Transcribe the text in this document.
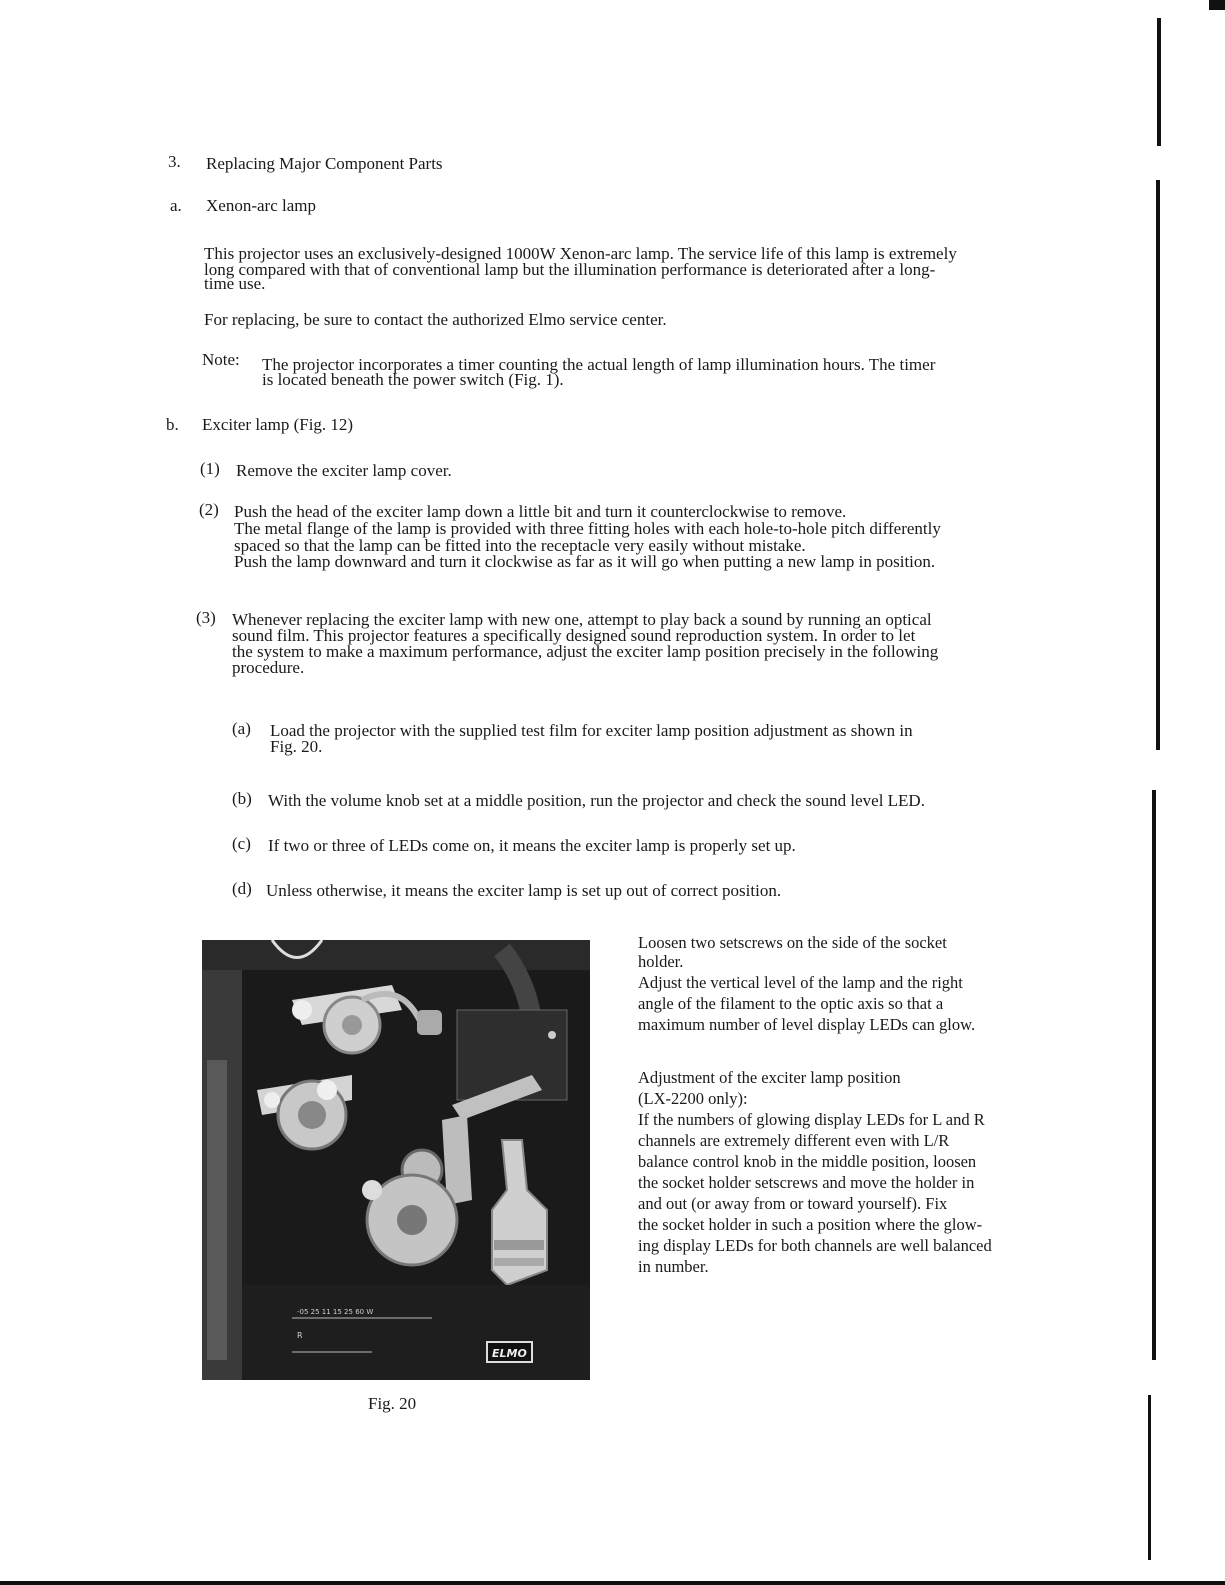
3. Replacing Major Component Parts
a. Xenon-arc lamp

This projector uses an exclusively-designed 1000W Xenon-arc lamp. The service life of this lamp is extremely

long compared with that of conventional lamp but the illumination performance is deteriorated after a long-

time use.

For replacing, be sure to contact the authorized Elmo service center.
Note: The projector incorporates a timer counting the actual length of lamp illumination hours. The timer

is located beneath the power switch (Fig. 1).

b. Exciter lamp (Fig. 12)
(1) Remove the exciter lamp cover.
(2) Push the head of the exciter lamp down a little bit and turn it counterclockwise to remove.

The metal flange of the lamp is provided with three fitting holes with each hole-to-hole pitch differently

spaced so that the lamp can be fitted into the receptacle very easily without mistake.

Push the lamp downward and turn it clockwise as far as it will go when putting a new lamp in position.

(3) Whenever replacing the exciter lamp with new one, attempt to play back a sound by running an optical

sound film. This projector features a specifically designed sound reproduction system. In order to let

the system to make a maximum performance, adjust the exciter lamp position precisely in the following

procedure.

(a) Load the projector with the supplied test film for exciter lamp position adjustment as shown in

Fig. 20.

(b) With the volume knob set at a middle position, run the projector and check the sound level LED.
(c) If two or three of LEDs come on, it means the exciter lamp is properly set up.
(d) Unless otherwise, it means the exciter lamp is set up out of correct position.
-05 25 11 15 25 60 W
R
ELMO
Fig. 20

Loosen two setscrews on the side of the socket

holder.

Adjust the vertical level of the lamp and the right

angle of the filament to the optic axis so that a

maximum number of level display LEDs can glow.

Adjustment of the exciter lamp position

(LX-2200 only):

If the numbers of glowing display LEDs for L and R

channels are extremely different even with L/R

balance control knob in the middle position, loosen

the socket holder setscrews and move the holder in

and out (or away from or toward yourself). Fix

the socket holder in such a position where the glow-

ing display LEDs for both channels are well balanced

in number.
